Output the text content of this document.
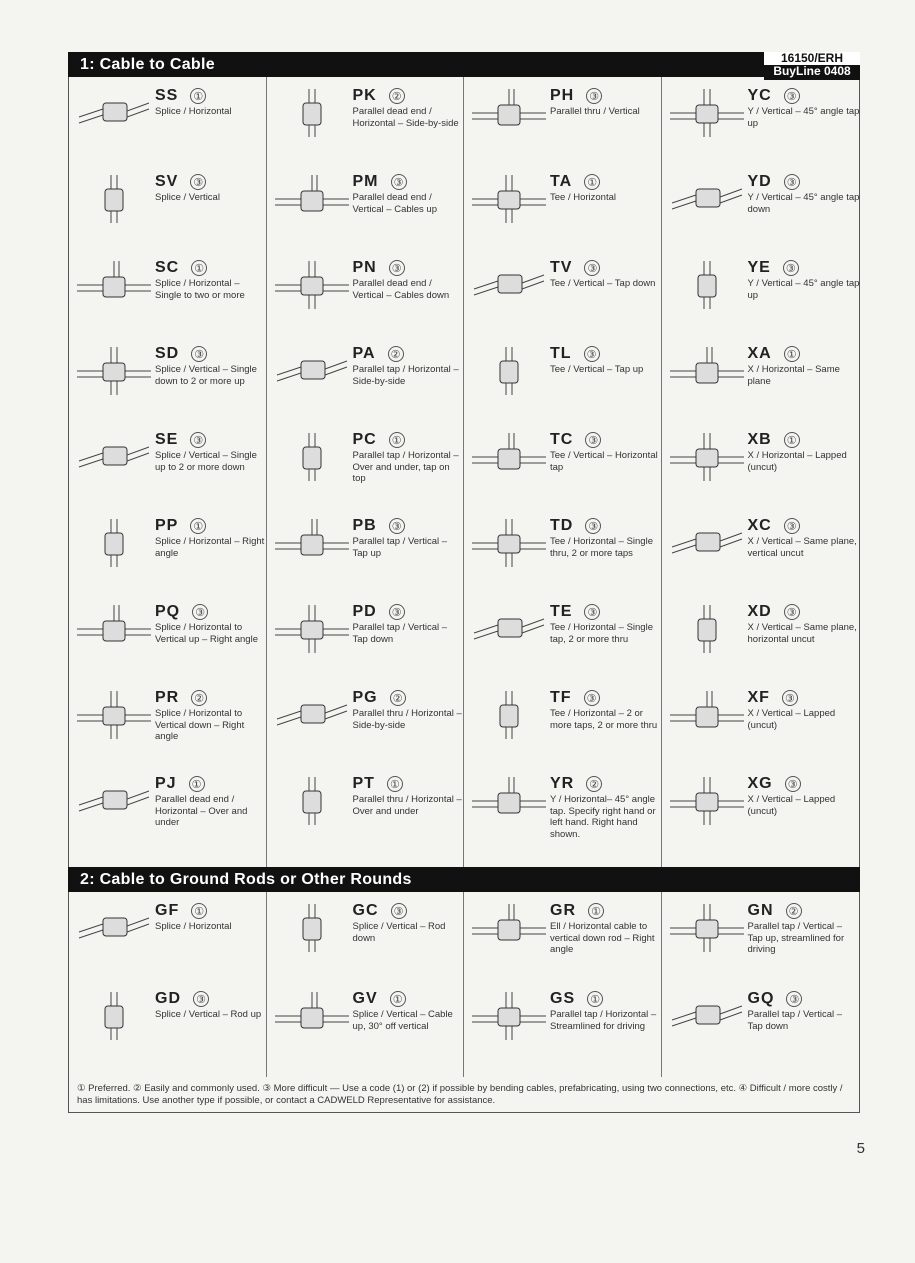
1: Cable to Cable	16150/ERH
BuyLine 0408
SS ①
Splice / Horizontal
SV ③
Splice / Vertical
SC ①
Splice / Horizontal – Single to two or more
SD ③
Splice / Vertical – Single down to 2 or more up
SE ③
Splice / Vertical – Single up to 2 or more down
PP ①
Splice / Horizontal – Right angle
PQ ③
Splice / Horizontal to Vertical up – Right angle
PR ②
Splice / Horizontal to Vertical down – Right angle
PJ ①
Parallel dead end / Horizontal – Over and under
PK ②
Parallel dead end / Horizontal – Side-by-side
PM ③
Parallel dead end / Vertical – Cables up
PN ③
Parallel dead end / Vertical – Cables down
PA ②
Parallel tap / Horizontal – Side-by-side
PC ①
Parallel tap / Horizontal – Over and under, tap on top
PB ③
Parallel tap / Vertical – Tap up
PD ③
Parallel tap / Vertical – Tap down
PG ②
Parallel thru / Horizontal – Side-by-side
PT ①
Parallel thru / Horizontal – Over and under
PH ③
Parallel thru / Vertical
TA ①
Tee / Horizontal
TV ③
Tee / Vertical – Tap down
TL ③
Tee / Vertical – Tap up
TC ③
Tee / Vertical – Horizontal tap
TD ③
Tee / Horizontal – Single thru, 2 or more taps
TE ③
Tee / Horizontal – Single tap, 2 or more thru
TF ③
Tee / Horizontal – 2 or more taps, 2 or more thru
YR ②
Y / Horizontal– 45° angle tap. Specify right hand or left hand. Right hand shown.
YC ③
Y / Vertical – 45° angle tap up
YD ③
Y / Vertical – 45° angle tap down
YE ③
Y / Vertical – 45° angle tap up
XA ①
X / Horizontal – Same plane
XB ①
X / Horizontal – Lapped (uncut)
XC ③
X / Vertical – Same plane, vertical uncut
XD ③
X / Vertical – Same plane, horizontal uncut
XF ③
X / Vertical – Lapped (uncut)
XG ③
X / Vertical – Lapped (uncut)
2: Cable to Ground Rods or Other Rounds
GF ①
Splice / Horizontal
GD ③
Splice / Vertical – Rod up
GC ③
Splice / Vertical – Rod down
GV ①
Splice / Vertical – Cable up, 30° off vertical
GR ①
Ell / Horizontal cable to vertical down rod – Right angle
GS ①
Parallel tap / Horizontal – Streamlined for driving
GN ②
Parallel tap / Vertical – Tap up, streamlined for driving
GQ ③
Parallel tap / Vertical – Tap down
① Preferred. ② Easily and commonly used. ③ More difficult — Use a code (1) or (2) if possible by bending cables, prefabricating, using two connections, etc. ④ Difficult / more costly / has limitations. Use another type if possible, or contact a CADWELD Representative for assistance.
5
